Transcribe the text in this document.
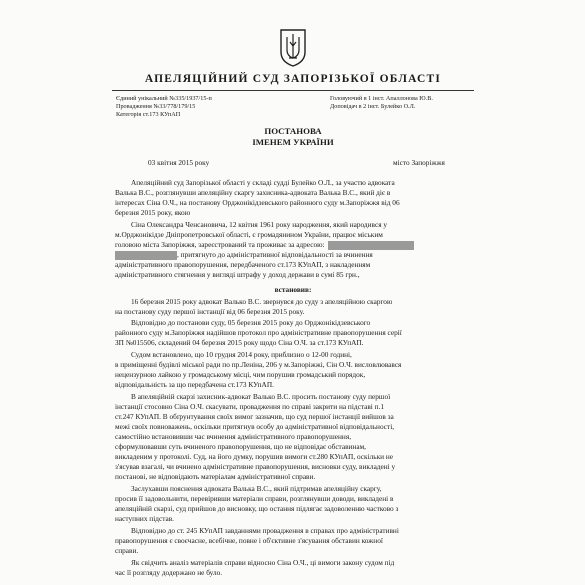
АПЕЛЯЦІЙНИЙ СУД ЗАПОРІЗЬКОЇ ОБЛАСТІ
Єдиний унікальний №335/1937/15-п
Провадження №33/778/179/15
Категорія ст.173 КУпАП
Головуючий в 1 інст. Апаллонова Ю.В.
Доповідач в 2 інст. Булейко О.Л.
ПОСТАНОВА
ІМЕНЕМ УКРАЇНИ
03 квітня 2015 року	місто Запоріжжя
Апеляційний суд Запорізької області у складі судді Булейко О.Л., за участю адвоката
Валька В.С., розглянувши апеляційну скаргу захисника-адвоката Валька В.С., який діє в
інтересах Сіна О.Ч., на постанову Орджонікідзевського районного суду м.Запоріжжя від 06
березня 2015 року, якою
Сіна Олександра Ченсановича, 12 квітня 1961 року народження, який народився у
м.Орджонікідзе Дніпропетровської області, є громадянином України, працює міським
головою міста Запоріжжя, зареєстрований та проживає за адресою:
, притягнуто до адміністративної відповідальності за вчинення
адміністративного правопорушення, передбаченого ст.173 КУпАП, з накладенням
адміністративного стягнення у вигляді штрафу у доход держави в сумі 85 грн.,
встановив:
16 березня 2015 року адвокат Валько В.С. звернувся до суду з апеляційною скаргою
на постанову суду першої інстанції від 06 березня 2015 року.
Відповідно до постанови суду, 05 березня 2015 року до Орджонікідзевського
районного суду м.Запоріжжя надійшов протокол про адміністративне правопорушення серії
ЗП №015506, складений 04 березня 2015 року щодо Сіна О.Ч. за ст.173 КУпАП.
Судом встановлено, що 10 грудня 2014 року, приблизно о 12-00 годині,
в приміщенні будівлі міської ради по пр.Леніна, 206 у м.Запоріжжі, Сін О.Ч. висловлювався
нецензурною лайкою у громадському місці, чим порушив громадський порядок,
відповідальність за що передбачена ст.173 КУпАП.
В апеляційній скарзі захисник-адвокат Валько В.С. просить постанову суду першої
інстанції стосовно Сіна О.Ч. скасувати, провадження по справі закрити на підставі п.1
ст.247 КУпАП. В обґрунтування своїх вимог зазначив, що суд першої інстанції вийшов за
межі своїх повноважень, оскільки притягнув особу до адміністративної відповідальності,
самостійно встановивши час вчинення адміністративного правопорушення,
сформулювавши суть вчиненого правопорушення, що не відповідає обставинам,
викладеним у протоколі. Суд, на його думку, порушив вимоги ст.280 КУпАП, оскільки не
з'ясував взагалі, чи вчинено адміністративне правопорушення, висновки суду, викладені у
постанові, не відповідають матеріалам адміністративної справи.
Заслухавши пояснення адвоката Валька В.С., який підтримав апеляційну скаргу,
просив її задовольнити, перевіривши матеріали справи, розглянувши доводи, викладені в
апеляційній скарзі, суд прийшов до висновку, що остання підлягає задоволенню частково з
наступних підстав.
Відповідно до ст. 245 КУпАП завданнями провадження в справах про адміністративні
правопорушення є своєчасне, всебічне, повне і об'єктивне з'ясування обставин кожної
справи.
Як свідчить аналіз матеріалів справи відносно Сіна О.Ч., ці вимоги закону судом під
час її розгляду додержано не було.
